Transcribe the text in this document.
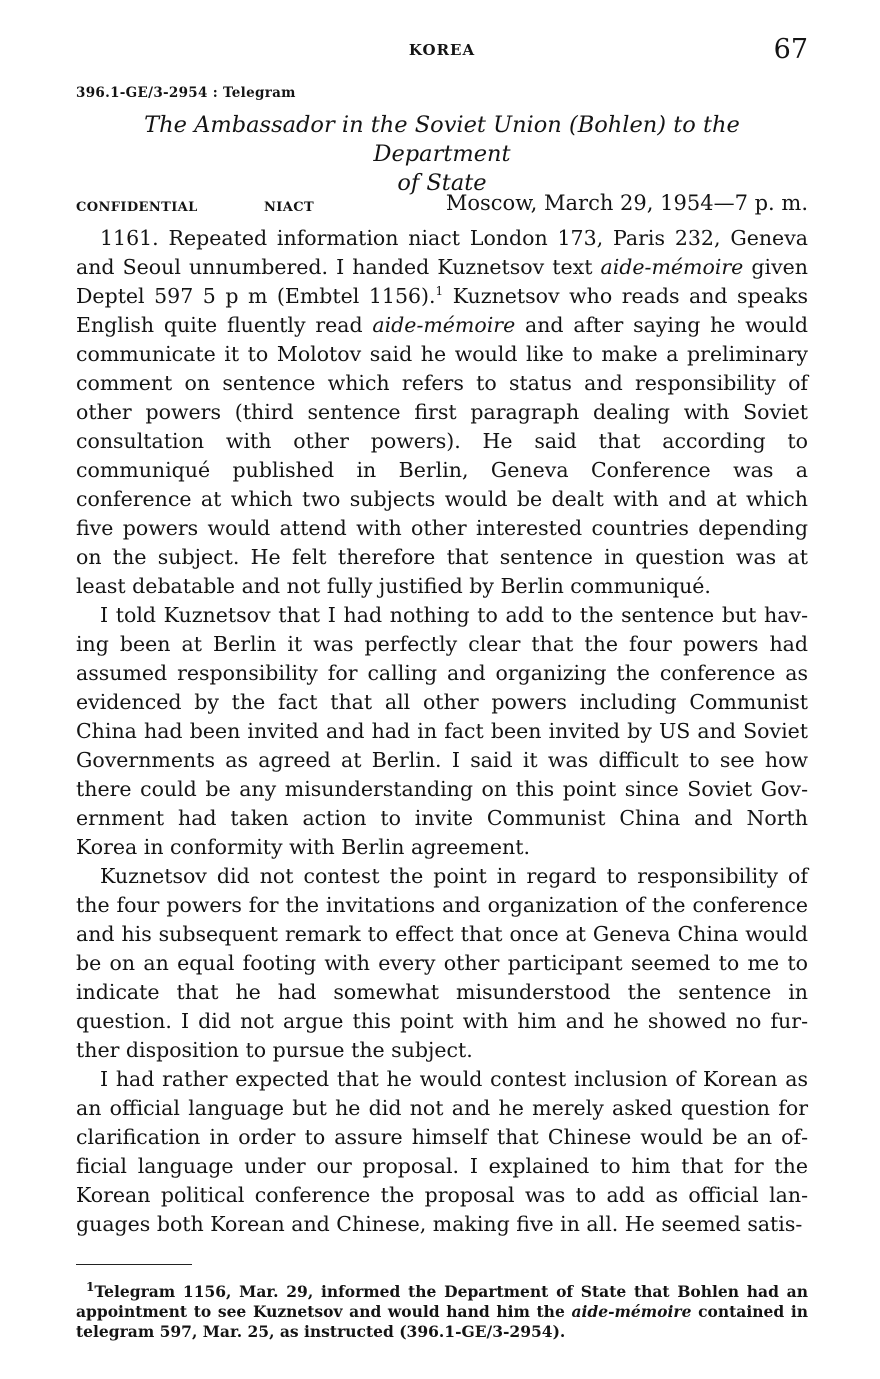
KOREA	67
396.1-GE/3-2954 : Telegram
The Ambassador in the Soviet Union (Bohlen) to the Department
of State
CONFIDENTIAL	NIACT	Moscow, March 29, 1954—7 p. m.

1161. Repeated information niact London 173, Paris 232, Geneva and Seoul unnumbered. I handed Kuznetsov text aide-mémoire given Deptel 597 5 p m (Embtel 1156).$^1$ Kuznetsov who reads and speaks English quite fluently read aide-mémoire and after saying he would communicate it to Molotov said he would like to make a preliminary comment on sentence which refers to status and responsibility of other powers (third sentence first paragraph dealing with Soviet consultation with other powers). He said that according to communiqué published in Berlin, Geneva Conference was a conference at which two subjects would be dealt with and at which five powers would attend with other interested countries depending on the subject. He felt therefore that sentence in question was at least debatable and not fully justified by Berlin communiqué.

I told Kuznetsov that I had nothing to add to the sentence but having been at Berlin it was perfectly clear that the four powers had assumed responsibility for calling and organizing the conference as evidenced by the fact that all other powers including Communist China had been invited and had in fact been invited by US and Soviet Governments as agreed at Berlin. I said it was difficult to see how there could be any misunderstanding on this point since Soviet Government had taken action to invite Communist China and North Korea in conformity with Berlin agreement.

Kuznetsov did not contest the point in regard to responsibility of the four powers for the invitations and organization of the conference and his subsequent remark to effect that once at Geneva China would be on an equal footing with every other participant seemed to me to indicate that he had somewhat misunderstood the sentence in question. I did not argue this point with him and he showed no further disposition to pursue the subject.

I had rather expected that he would contest inclusion of Korean as an official language but he did not and he merely asked question for clarification in order to assure himself that Chinese would be an official language under our proposal. I explained to him that for the Korean political conference the proposal was to add as official languages both Korean and Chinese, making five in all. He seemed satis-

$^1$Telegram 1156, Mar. 29, informed the Department of State that Bohlen had an appointment to see Kuznetsov and would hand him the aide-mémoire contained in telegram 597, Mar. 25, as instructed (396.1-GE/3-2954).
